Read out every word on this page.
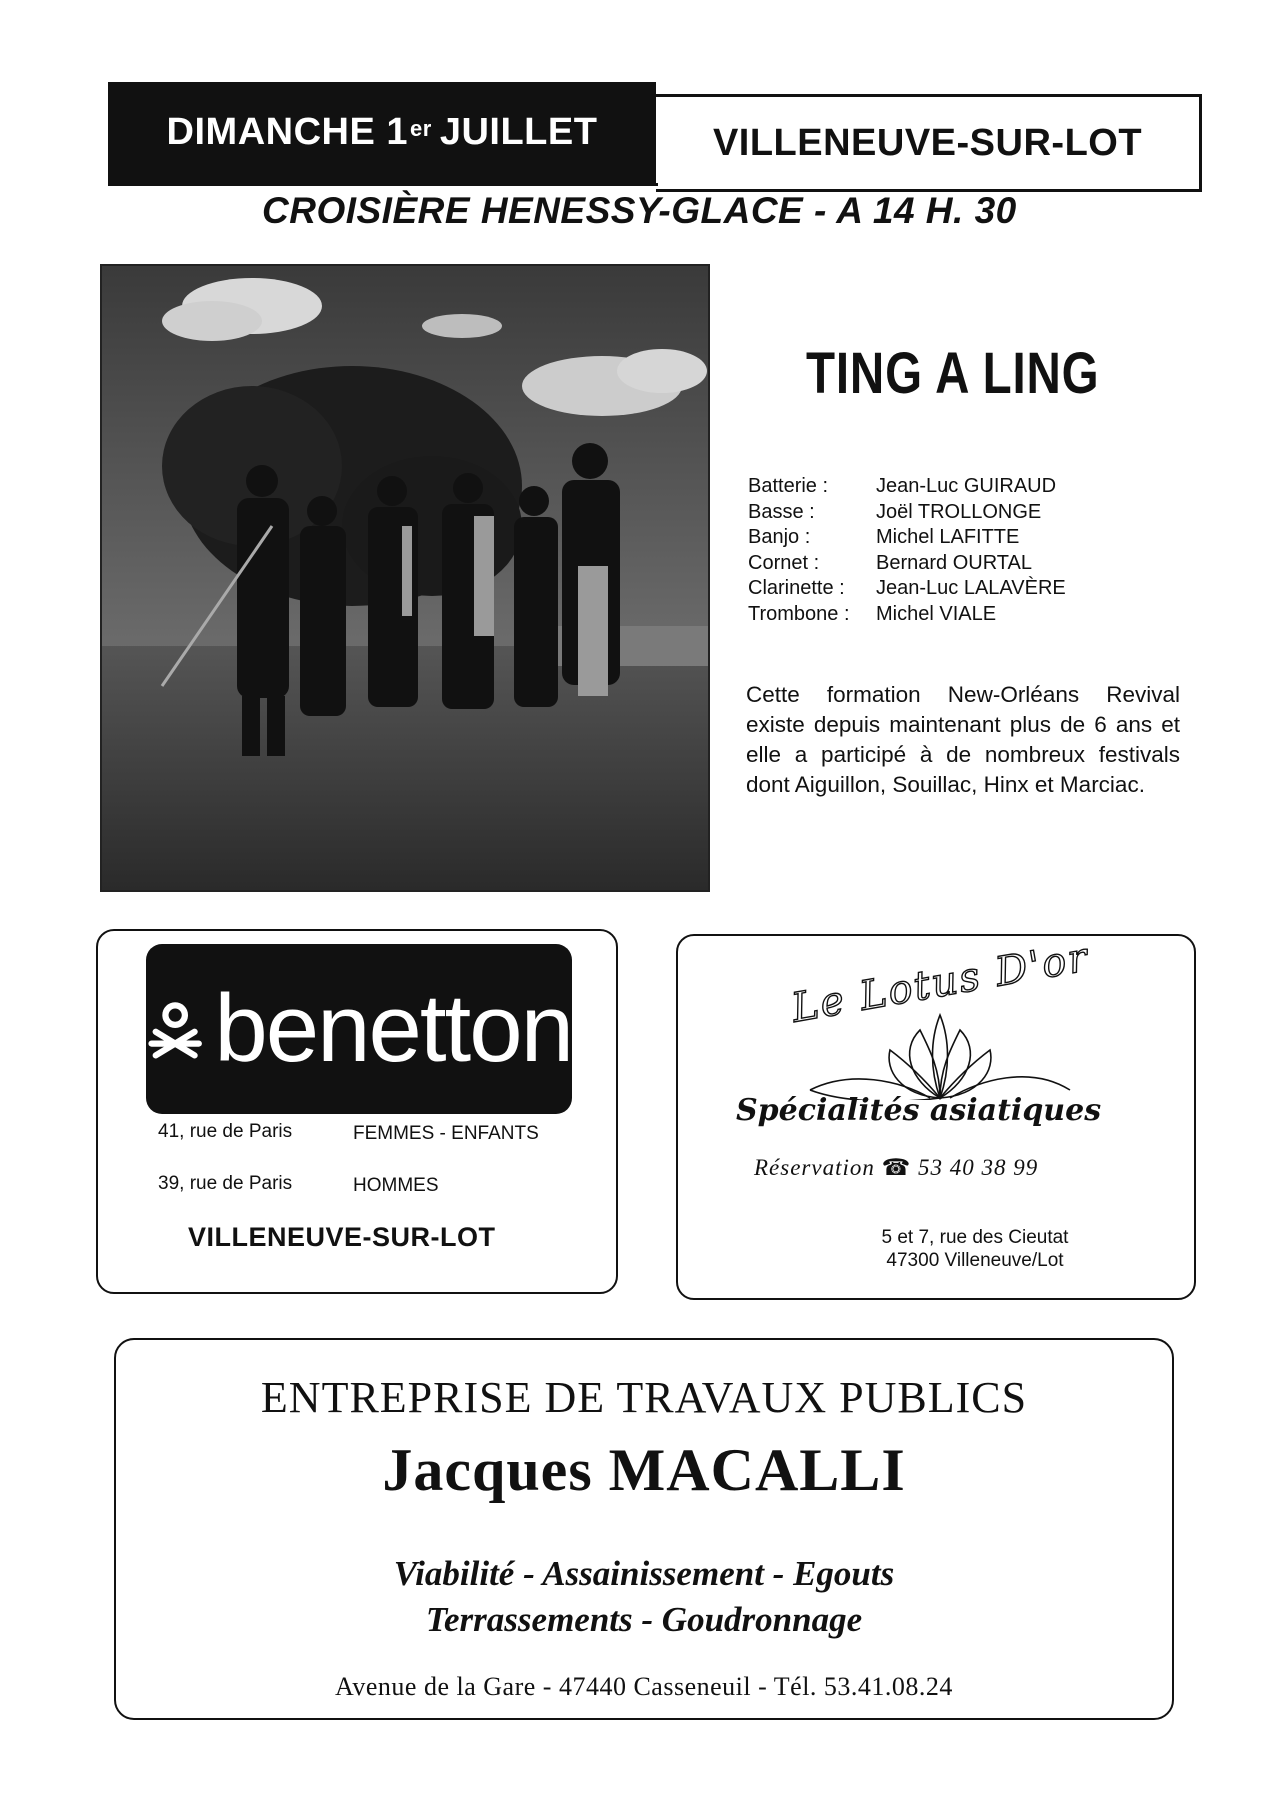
DIMANCHE 1er JUILLET	VILLENEUVE-SUR-LOT
CROISIÈRE HENESSY-GLACE - A 14 H. 30
TING A LING
Batterie :	Jean-Luc GUIRAUD
Basse :	Joël TROLLONGE
Banjo :	Michel LAFITTE
Cornet :	Bernard OURTAL
Clarinette :	Jean-Luc LALAVÈRE
Trombone :	Michel VIALE
Cette formation New-Orléans Revival existe depuis maintenant plus de 6 ans et elle a participé à de nombreux festivals dont Aiguillon, Souillac, Hinx et Marciac.
benetton
41, rue de Paris	FEMMES - ENFANTS
39, rue de Paris	HOMMES
VILLENEUVE-SUR-LOT
Le Lotus D'or
Spécialités asiatiques
Réservation ☎ 53 40 38 99
5 et 7, rue des Cieutat
47300 Villeneuve/Lot
ENTREPRISE DE TRAVAUX PUBLICS
Jacques MACALLI
Viabilité - Assainissement - Egouts
Terrassements - Goudronnage
Avenue de la Gare - 47440 Casseneuil - Tél. 53.41.08.24
